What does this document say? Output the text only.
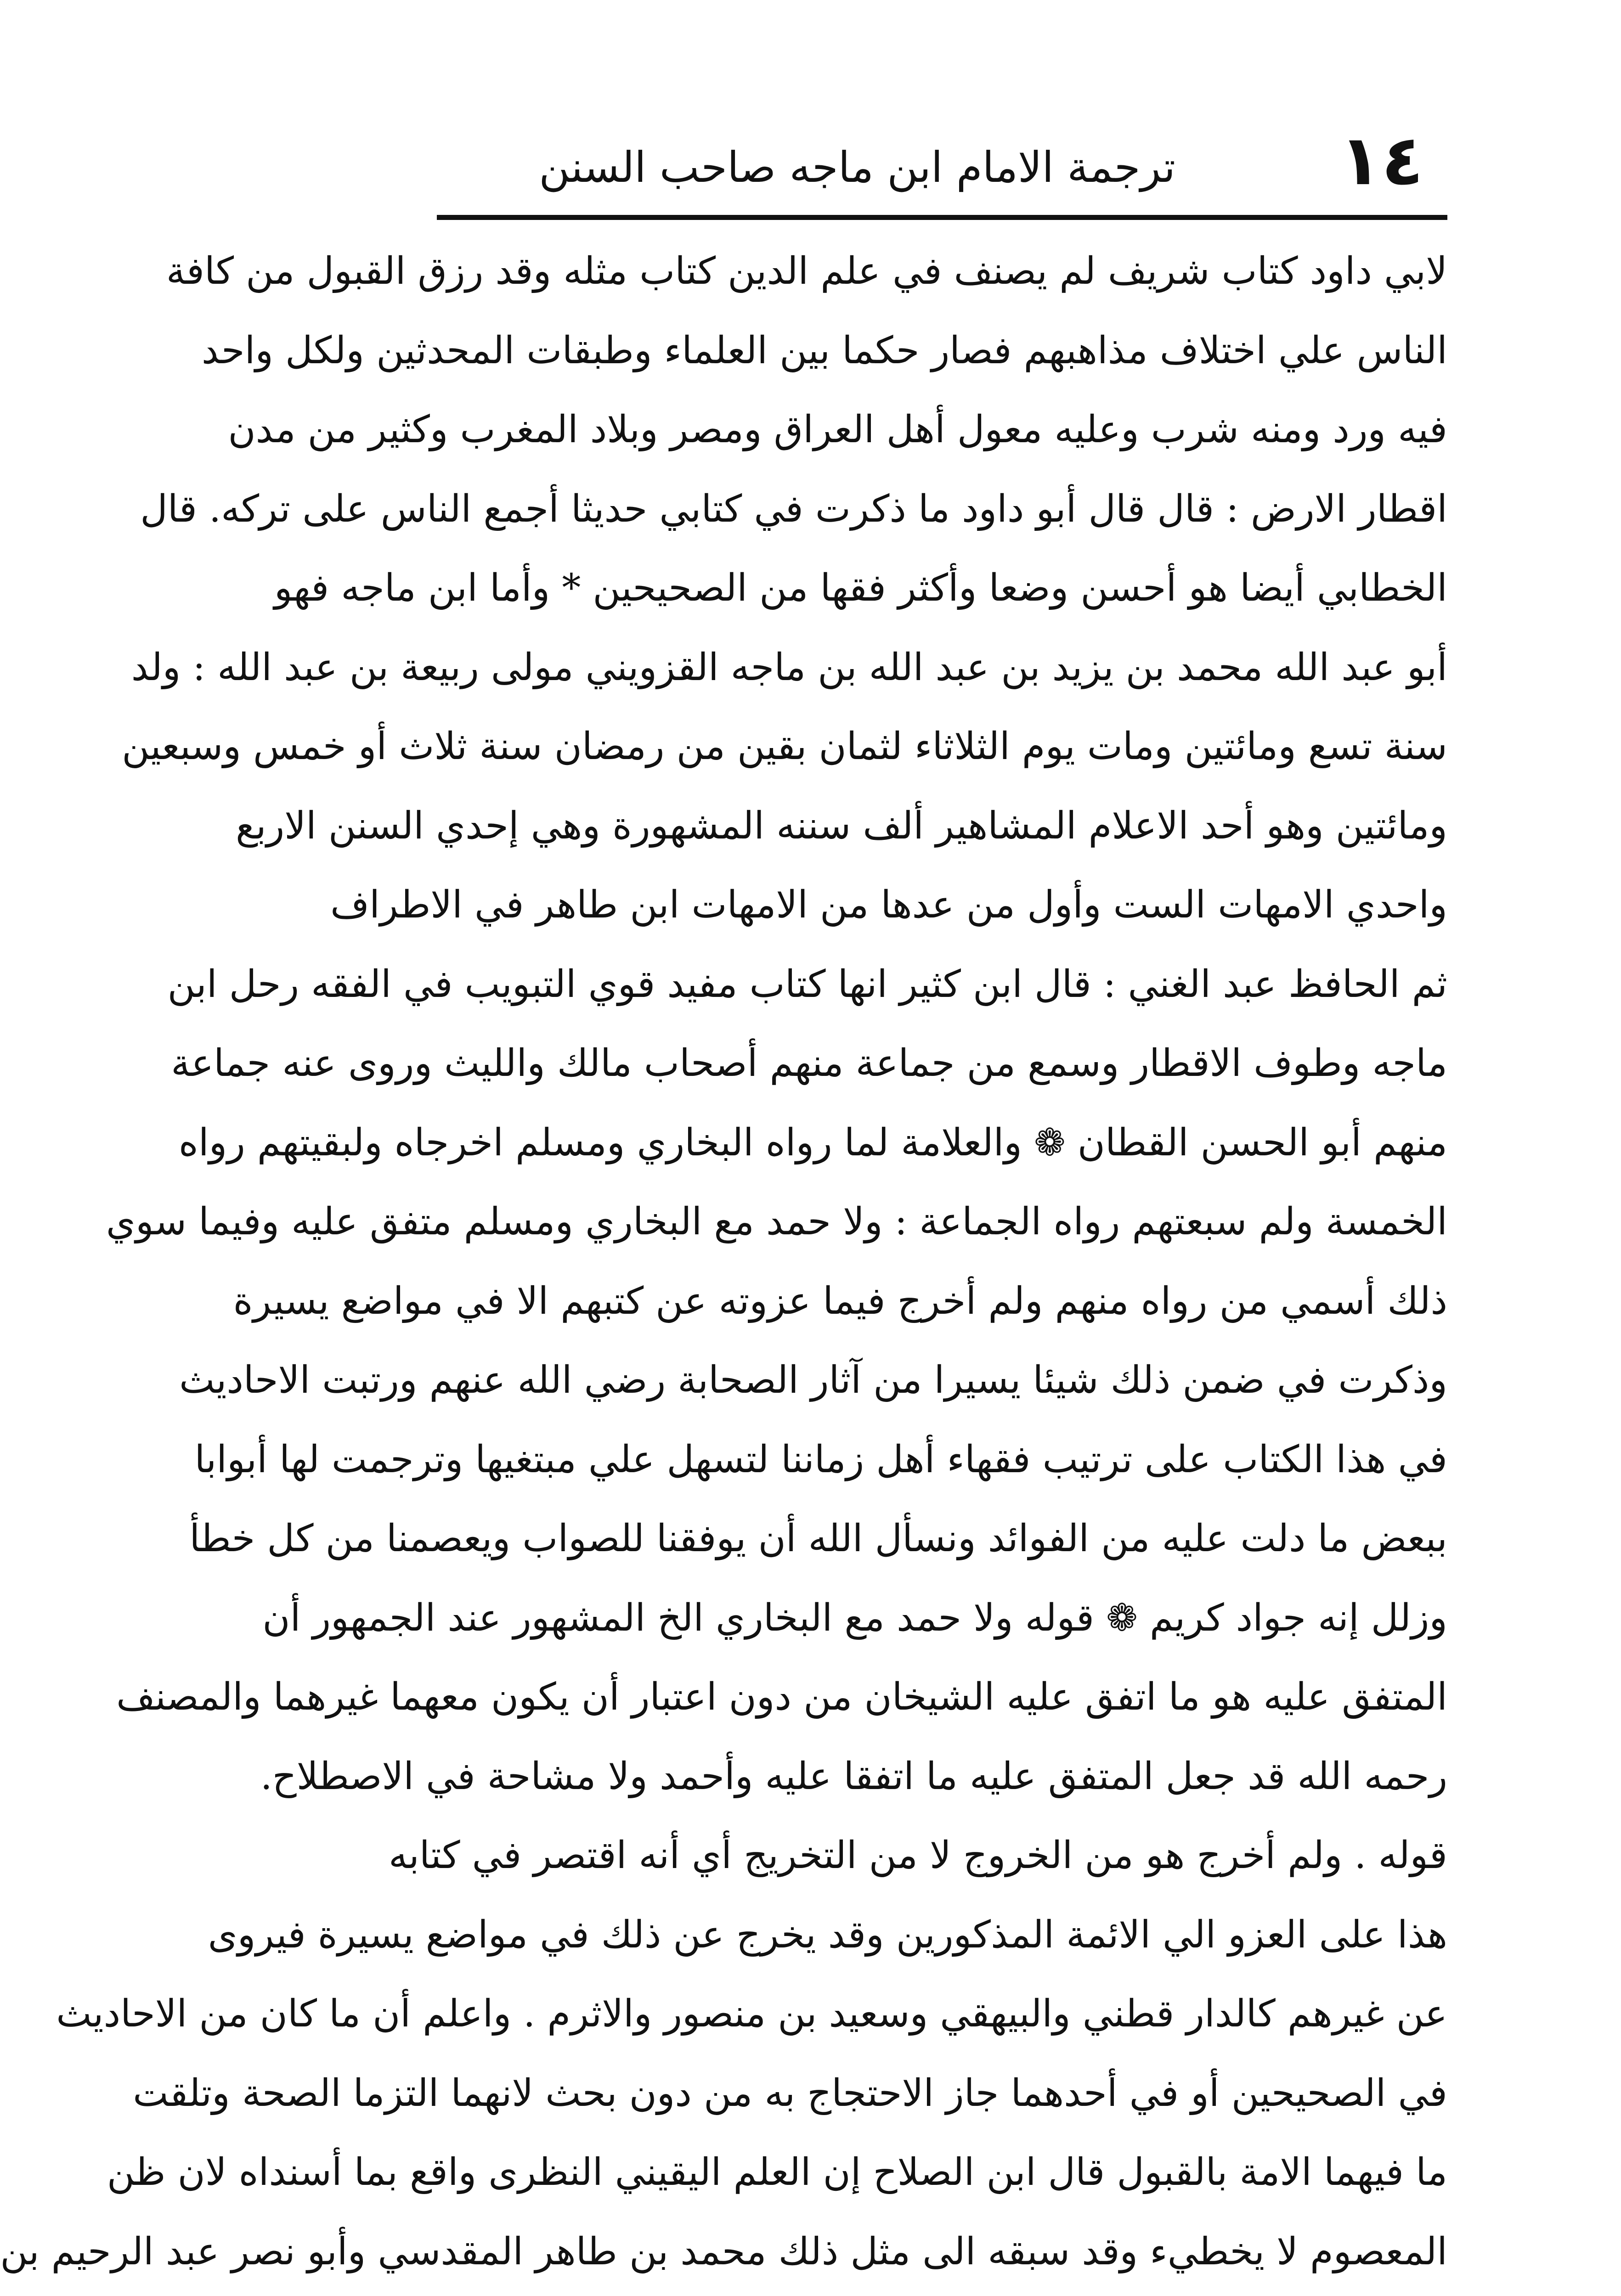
١٤
ترجمة الامام ابن ماجه صاحب السنن
لابي داود كتاب شريف لم يصنف في علم الدين كتاب مثله وقد رزق القبول من كافة
الناس علي اختلاف مذاهبهم فصار حكما بين العلماء وطبقات المحدثين ولكل واحد
فيه ورد ومنه شرب وعليه معول أهل العراق ومصر وبلاد المغرب وكثير من مدن
اقطار الارض : قال قال أبو داود ما ذكرت في كتابي حديثا أجمع الناس على تركه. قال
الخطابي أيضا هو أحسن وضعا وأكثر فقها من الصحيحين * وأما ابن ماجه فهو
أبو عبد الله محمد بن يزيد بن عبد الله بن ماجه القزويني مولى ربيعة بن عبد الله : ولد
سنة تسع ومائتين ومات يوم الثلاثاء لثمان بقين من رمضان سنة ثلاث أو خمس وسبعين
ومائتين وهو أحد الاعلام المشاهير ألف سننه المشهورة وهي إحدي السنن الاربع
واحدي الامهات الست وأول من عدها من الامهات ابن طاهر في الاطراف
ثم الحافظ عبد الغني : قال ابن كثير انها كتاب مفيد قوي التبويب في الفقه رحل ابن
ماجه وطوف الاقطار وسمع من جماعة منهم أصحاب مالك والليث وروى عنه جماعة
منهم أبو الحسن القطان ❁ والعلامة لما رواه البخاري ومسلم اخرجاه ولبقيتهم رواه
الخمسة ولم سبعتهم رواه الجماعة : ولا حمد مع البخاري ومسلم متفق عليه وفيما سوي
ذلك أسمي من رواه منهم ولم أخرج فيما عزوته عن كتبهم الا في مواضع يسيرة
وذكرت في ضمن ذلك شيئا يسيرا من آثار الصحابة رضي الله عنهم ورتبت الاحاديث
في هذا الكتاب على ترتيب فقهاء أهل زماننا لتسهل علي مبتغيها وترجمت لها أبوابا
ببعض ما دلت عليه من الفوائد ونسأل الله أن يوفقنا للصواب ويعصمنا من كل خطأ
وزلل إنه جواد كريم ❁ قوله ولا حمد مع البخاري الخ المشهور عند الجمهور أن
المتفق عليه هو ما اتفق عليه الشيخان من دون اعتبار أن يكون معهما غيرهما والمصنف
رحمه الله قد جعل المتفق عليه ما اتفقا عليه وأحمد ولا مشاحة في الاصطلاح.
قوله . ولم أخرج هو من الخروج لا من التخريج أي أنه اقتصر في كتابه
هذا على العزو الي الائمة المذكورين وقد يخرج عن ذلك في مواضع يسيرة فيروى
عن غيرهم كالدار قطني والبيهقي وسعيد بن منصور والاثرم . واعلم أن ما كان من الاحاديث
في الصحيحين أو في أحدهما جاز الاحتجاج به من دون بحث لانهما التزما الصحة وتلقت
ما فيهما الامة بالقبول قال ابن الصلاح إن العلم اليقيني النظرى واقع بما أسنداه لان ظن
المعصوم لا يخطيء وقد سبقه الى مثل ذلك محمد بن طاهر المقدسي وأبو نصر عبد الرحيم بن
